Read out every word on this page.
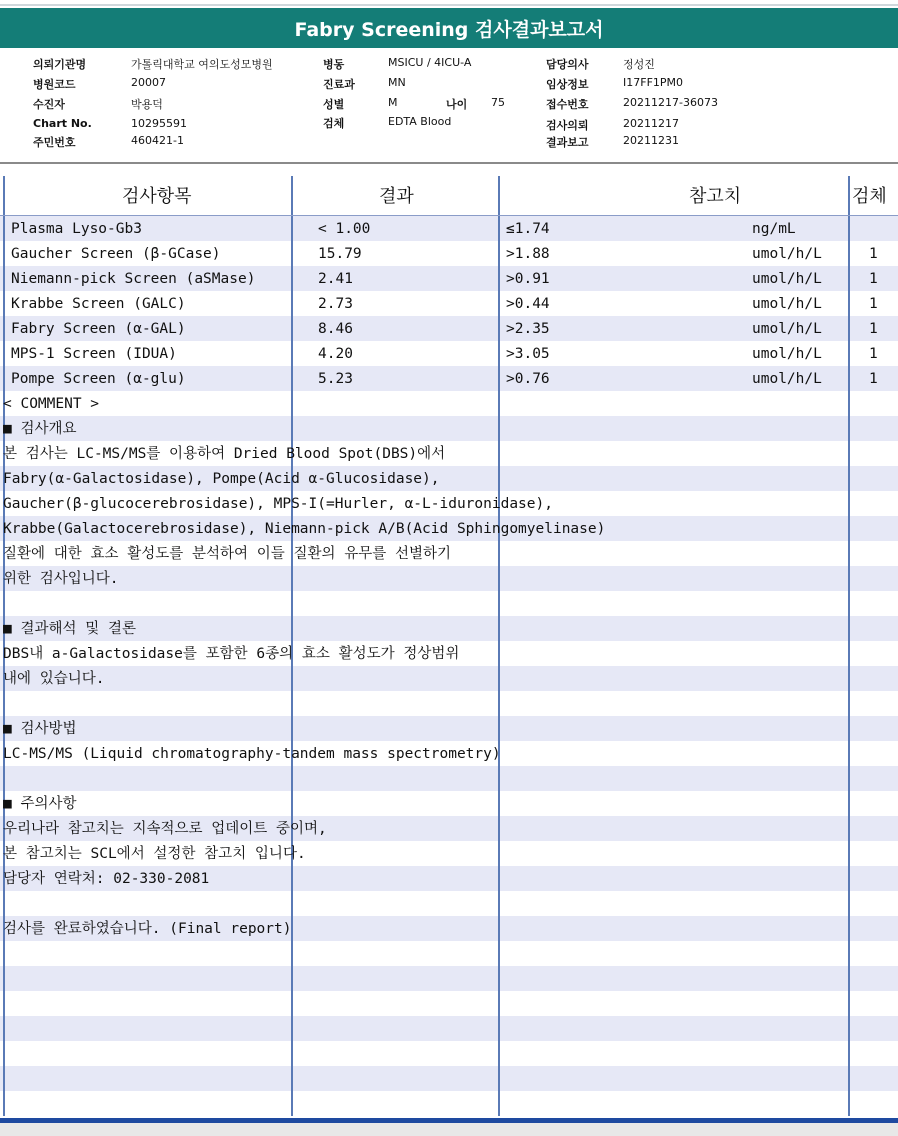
Fabry Screening 검사결과보고서
의뢰기관명	가톨릭대학교 여의도성모병원
병원코드	20007
수진자	박용덕
Chart No.	10295591
주민번호	460421-1
병동	MSICU / 4ICU-A
진료과	MN
성별	M	나이 75
검체	EDTA Blood
담당의사	정성진
임상정보	I17FF1PM0
접수번호	20211217-36073
검사의뢰	20211217
결과보고	20211231
검사항목	결과	참고치	검체
Plasma Lyso-Gb3	< 1.00	≤1.74	ng/mL
Gaucher Screen (β-GCase)	15.79	>1.88	umol/h/L	1
Niemann-pick Screen (aSMase)	2.41	>0.91	umol/h/L	1
Krabbe Screen (GALC)	2.73	>0.44	umol/h/L	1
Fabry Screen (α-GAL)	8.46	>2.35	umol/h/L	1
MPS-1 Screen (IDUA)	4.20	>3.05	umol/h/L	1
Pompe Screen (α-glu)	5.23	>0.76	umol/h/L	1
< COMMENT >
■ 검사개요
본 검사는 LC-MS/MS를 이용하여 Dried Blood Spot(DBS)에서
Fabry(α-Galactosidase), Pompe(Acid α-Glucosidase),
Gaucher(β-glucocerebrosidase), MPS-I(=Hurler, α-L-iduronidase),
Krabbe(Galactocerebrosidase), Niemann-pick A/B(Acid Sphingomyelinase)
질환에 대한 효소 활성도를 분석하여 이들 질환의 유무를 선별하기
위한 검사입니다.
■ 결과해석 및 결론
DBS내 a-Galactosidase를 포함한 6종의 효소 활성도가 정상범위
내에 있습니다.
■ 검사방법
LC-MS/MS (Liquid chromatography-tandem mass spectrometry)
■ 주의사항
우리나라 참고치는 지속적으로 업데이트 중이며,
본 참고치는 SCL에서 설정한 참고치 입니다.
담당자 연락처: 02-330-2081
검사를 완료하였습니다. (Final report)
